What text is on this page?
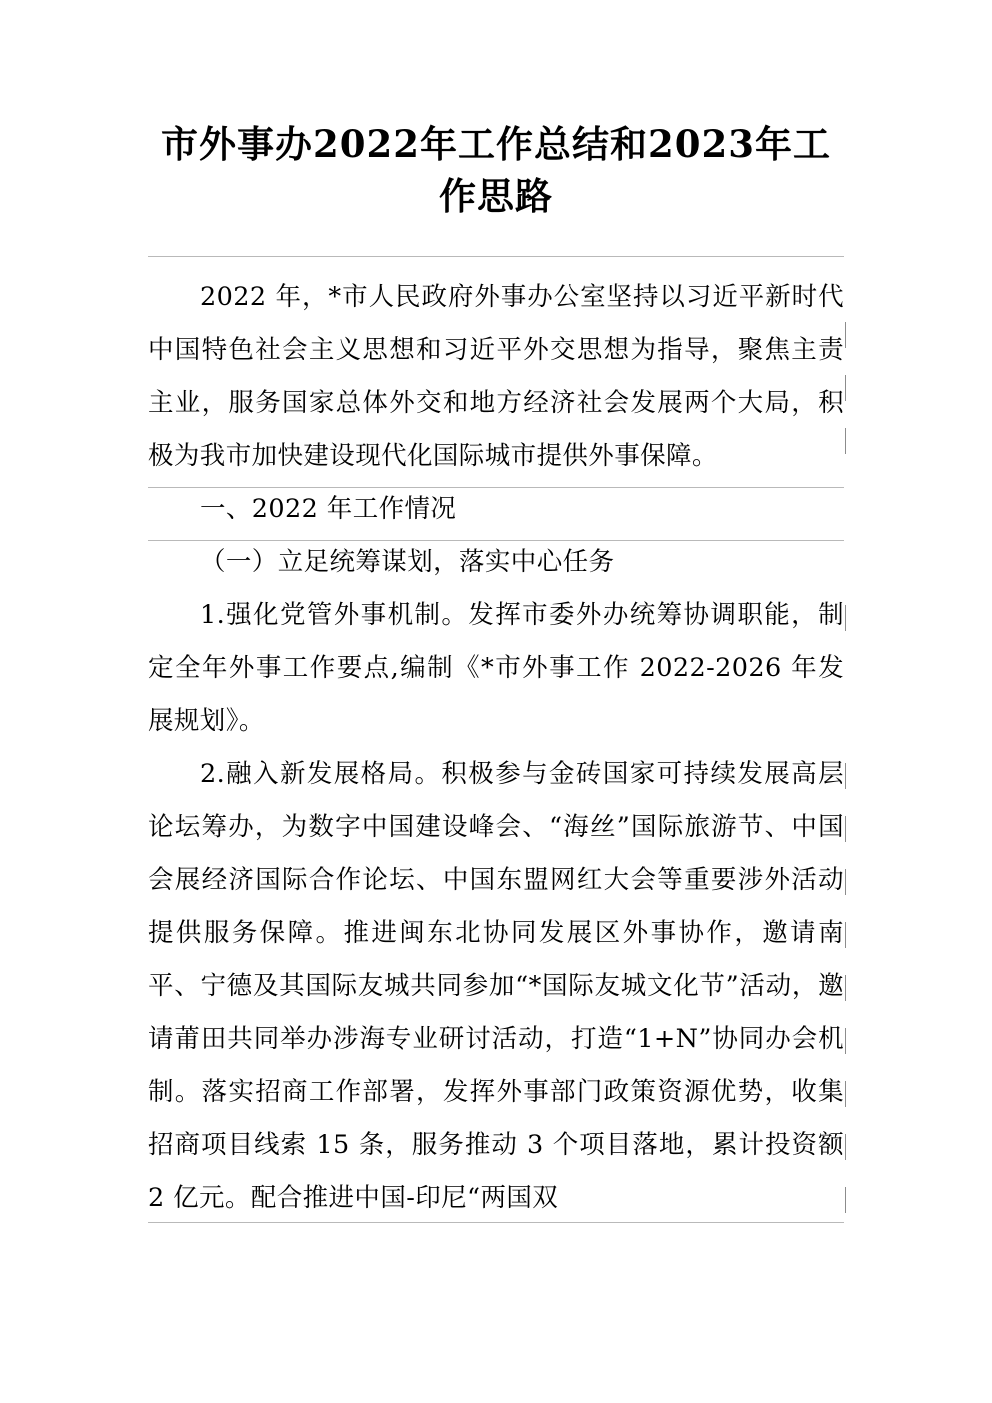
市外事办2022年工作总结和2023年工作思路

2022 年，*市人民政府外事办公室坚持以习近平新时代中国特色社会主义思想和习近平外交思想为指导，聚焦主责主业，服务国家总体外交和地方经济社会发展两个大局，积极为我市加快建设现代化国际城市提供外事保障。

一、2022 年工作情况

（一）立足统筹谋划，落实中心任务

1.强化党管外事机制。发挥市委外办统筹协调职能，制定全年外事工作要点,编制《*市外事工作 2022-2026 年发展规划》。

2.融入新发展格局。积极参与金砖国家可持续发展高层论坛筹办，为数字中国建设峰会、“海丝”国际旅游节、中国会展经济国际合作论坛、中国东盟网红大会等重要涉外活动提供服务保障。推进闽东北协同发展区外事协作，邀请南平、宁德及其国际友城共同参加“*国际友城文化节”活动，邀请莆田共同举办涉海专业研讨活动，打造“1+N”协同办会机制。落实招商工作部署，发挥外事部门政策资源优势，收集招商项目线索 15 条，服务推动 3 个项目落地，累计投资额 2 亿元。配合推进中国-印尼“两国双
